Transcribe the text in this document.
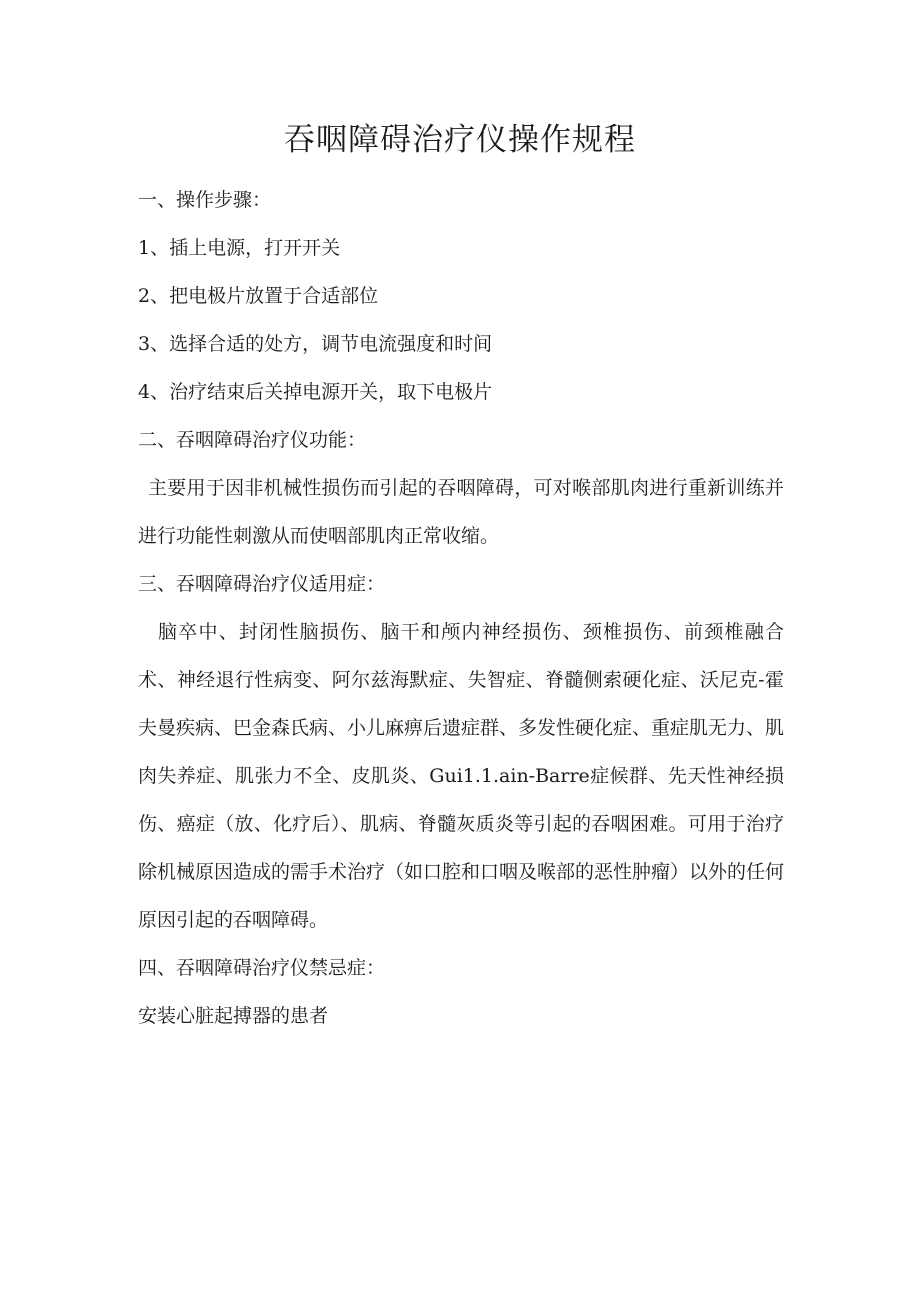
吞咽障碍治疗仪操作规程

一、操作步骤：

1、插上电源，打开开关

2、把电极片放置于合适部位

3、选择合适的处方，调节电流强度和时间

4、治疗结束后关掉电源开关，取下电极片

二、吞咽障碍治疗仪功能：

主要用于因非机械性损伤而引起的吞咽障碍，可对喉部肌肉进行重新训练并进行功能性刺激从而使咽部肌肉正常收缩。

三、吞咽障碍治疗仪适用症：

脑卒中、封闭性脑损伤、脑干和颅内神经损伤、颈椎损伤、前颈椎融合术、神经退行性病变、阿尔兹海默症、失智症、脊髓侧索硬化症、沃尼克-霍夫曼疾病、巴金森氏病、小儿麻痹后遗症群、多发性硬化症、重症肌无力、肌肉失养症、肌张力不全、皮肌炎、Gui1.1.ain-Barre症候群、先天性神经损伤、癌症（放、化疗后）、肌病、脊髓灰质炎等引起的吞咽困难。可用于治疗除机械原因造成的需手术治疗（如口腔和口咽及喉部的恶性肿瘤）以外的任何原因引起的吞咽障碍。

四、吞咽障碍治疗仪禁忌症：

安装心脏起搏器的患者
